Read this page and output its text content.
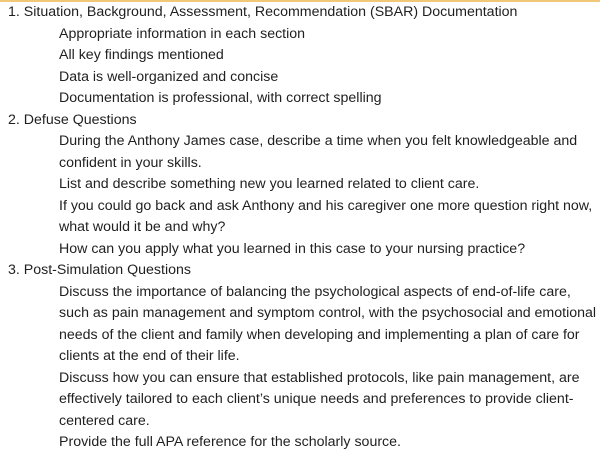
1. Situation, Background, Assessment, Recommendation (SBAR) Documentation
Appropriate information in each section
All key findings mentioned
Data is well-organized and concise
Documentation is professional, with correct spelling
2. Defuse Questions
During the Anthony James case, describe a time when you felt knowledgeable and confident in your skills.
List and describe something new you learned related to client care.
If you could go back and ask Anthony and his caregiver one more question right now, what would it be and why?
How can you apply what you learned in this case to your nursing practice?
3. Post-Simulation Questions
Discuss the importance of balancing the psychological aspects of end-of-life care, such as pain management and symptom control, with the psychosocial and emotional needs of the client and family when developing and implementing a plan of care for clients at the end of their life.
Discuss how you can ensure that established protocols, like pain management, are effectively tailored to each client’s unique needs and preferences to provide client-centered care.
Provide the full APA reference for the scholarly source.
